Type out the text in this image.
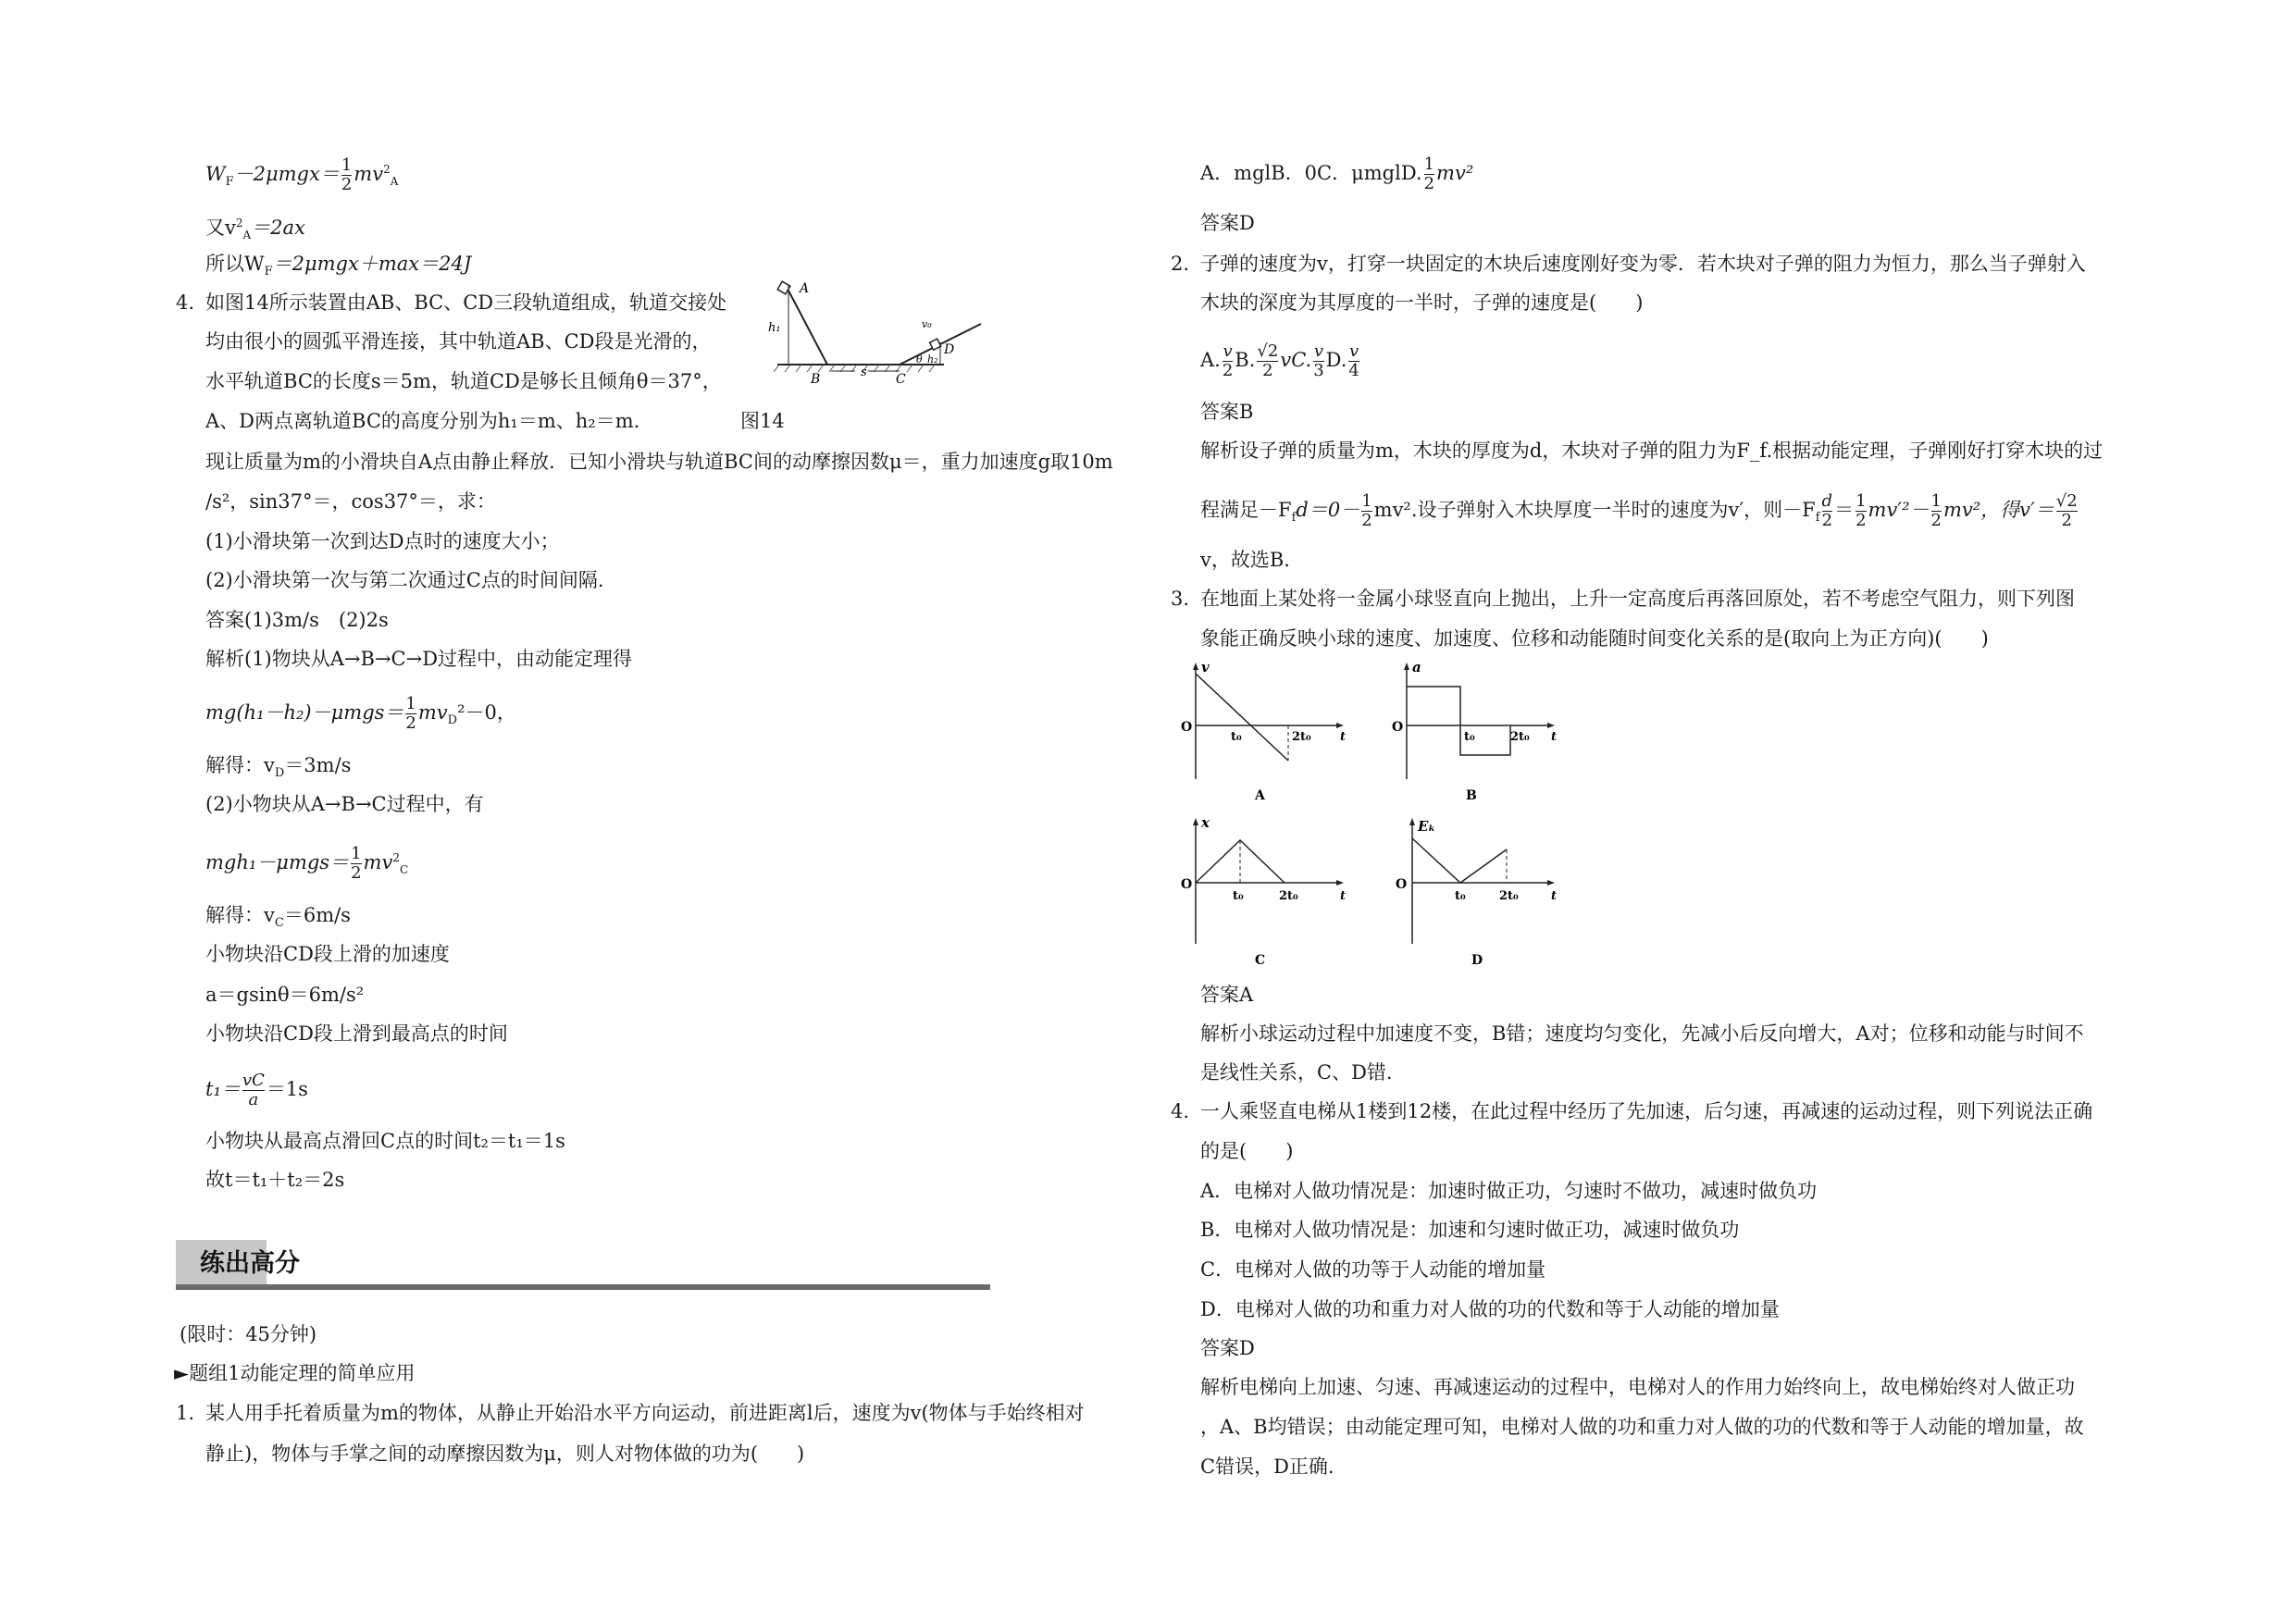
$W_F-2\mu mgx= \frac{1}{2} mv^2_A$
又$v^2_A=2ax$
所以$W_F=2\mu mgx+\max=24J$
4. 如图14所示装置由AB、BC、CD三段轨道组成，轨道交接处
均由很小的圆弧平滑连接，其中轨道AB、CD段是光滑的，
水平轨道BC的长度s＝5m，轨道CD是够长且倾角θ＝37°，
A、D两点离轨道BC的高度分别为h₁＝m、h₂＝m.	图14
现让质量为m的小滑块自A点由静止释放．已知小滑块与轨道BC间的动摩擦因数μ＝，重力加速度g取10m
/s²，sin37°＝，cos37°＝，求：
(1)小滑块第一次到达D点时的速度大小；
(2)小滑块第一次与第二次通过C点的时间间隔.
A
h₁
B	s C
D
v₀
h₂
θ
答案(1)3m/s　(2)2s
解析(1)物块从A→B→C→D过程中，由动能定理得
$mg(h_1-h_2)-\mu mgs= \frac{1}{2} mv_D^2-0$，
解得：$v_D=3m/s$
(2)小物块从A→B→C过程中，有
$mgh_1-\mu mgs= \frac{1}{2} mv^2_C$
解得：$v_C=6m/s$
小物块沿CD段上滑的加速度
a＝gsinθ＝6m/s²
小物块沿CD段上滑到最高点的时间
$t_1= \frac{vC}{a} =1s$
小物块从最高点滑回C点的时间t₂＝t₁＝1s
故t＝t₁＋t₂＝2s
练出高分
(限时：45分钟)
►题组1动能定理的简单应用
1. 某人用手托着质量为m的物体，从静止开始沿水平方向运动，前进距离l后，速度为v(物体与手始终相对
静止)，物体与手掌之间的动摩擦因数为μ，则人对物体做的功为(　　)
A．mglB．0C．μmglD. $\frac{1}{2} mv^2$
答案D
2. 子弹的速度为v，打穿一块固定的木块后速度刚好变为零．若木块对子弹的阻力为恒力，那么当子弹射入
木块的深度为其厚度的一半时，子弹的速度是(　　)
A. $\frac{v}{2} B$. $\frac{√2}{2}$ vC. $\frac{v}{3} D$. $\frac{v}{4}$
答案B
解析设子弹的质量为m，木块的厚度为d，木块对子弹的阻力为F_f.根据动能定理，子弹刚好打穿木块的过
程满足$-F_fd=0- \frac{1}{2} mv^2$.设子弹射入木块厚度一半时的速度为v′，则$-F_f \frac{d}{2} = \frac{1}{2} mv'^2- \frac{1}{2} mv^2$，得$v'= \frac{√2}{2}$
v，故选B.
3. 在地面上某处将一金属小球竖直向上抛出，上升一定高度后再落回原处，若不考虑空气阻力，则下列图
象能正确反映小球的速度、加速度、位移和动能随时间变化关系的是(取向上为正方向)(　　)
v
O
t₀	2t₀ t
A
a
O
t₀	2t₀ t
B
x
O
t₀	2t₀	t
C
Eₖ
O
t₀	2t₀	t
D
答案A
解析小球运动过程中加速度不变，B错；速度均匀变化，先减小后反向增大，A对；位移和动能与时间不
是线性关系，C、D错.
4. 一人乘竖直电梯从1楼到12楼，在此过程中经历了先加速，后匀速，再减速的运动过程，则下列说法正确
的是(　　)
A．电梯对人做功情况是：加速时做正功，匀速时不做功，减速时做负功
B．电梯对人做功情况是：加速和匀速时做正功，减速时做负功
C．电梯对人做的功等于人动能的增加量
D．电梯对人做的功和重力对人做的功的代数和等于人动能的增加量
答案D
解析电梯向上加速、匀速、再减速运动的过程中，电梯对人的作用力始终向上，故电梯始终对人做正功
，A、B均错误；由动能定理可知，电梯对人做的功和重力对人做的功的代数和等于人动能的增加量，故
C错误，D正确.
